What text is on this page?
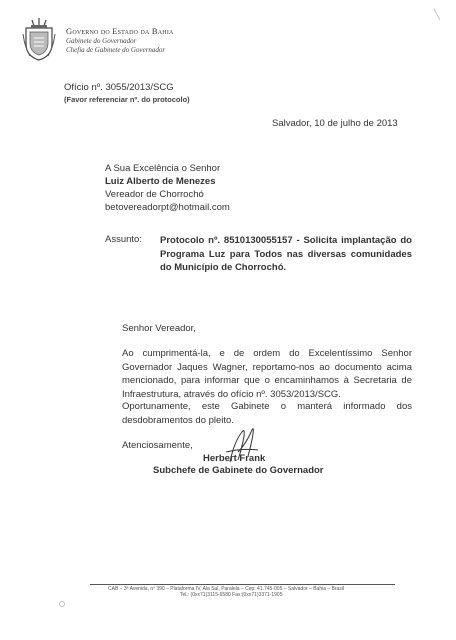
Governo do Estado da Bahia
Gabinete do Governador
Chefia de Gabinete do Governador
Ofício nº. 3055/2013/SCG
(Favor referenciar nº. do protocolo)
Salvador, 10 de julho de 2013
A Sua Excelência o Senhor
Luiz Alberto de Menezes
Vereador de Chorrochó
betovereadorpt@hotmail.com
Assunto: Protocolo nº. 8510130055157 - Solicita implantação do Programa Luz para Todos nas diversas comunidades do Município de Chorrochó.
Senhor Vereador,
Ao cumprimentá-la, e de ordem do Excelentíssimo Senhor Governador Jaques Wagner, reportamo-nos ao documento acima mencionado, para informar que o encaminhamos à Secretaria de Infraestrutura, através do ofício nº. 3053/2013/SCG.
Oportunamente, este Gabinete o manterá informado dos desdobramentos do pleito.
Atenciosamente,
Herbert Frank
Subchefe de Gabinete do Governador
CAB – 3ª Avenida, nº 390 – Plataforma IV, Ala Sul, Paralela – Cep: 41.745-005 – Salvador – Bahia – Brasil
Tel.: (0xx71)3115-6580 Fax:(0xx71)3371-1905
